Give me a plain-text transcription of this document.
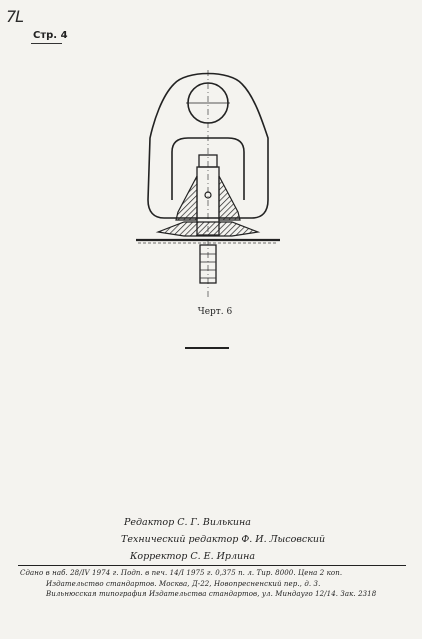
7L
Стр. 4
Черт. 6
Редактор С. Г. Вилькина
Технический редактор Ф. И. Лысовский
Корректор С. Е. Ирлина
Сдано в наб. 28/IV 1974 г. Подп. в печ. 14/I 1975 г. 0,375 п. л. Тир. 8000. Цена 2 коп.
Издательство стандартов. Москва, Д-22, Новопресненский пер., д. 3.
Вильнюсская типография Издательства стандартов, ул. Миндауго 12/14. Зак. 2318
